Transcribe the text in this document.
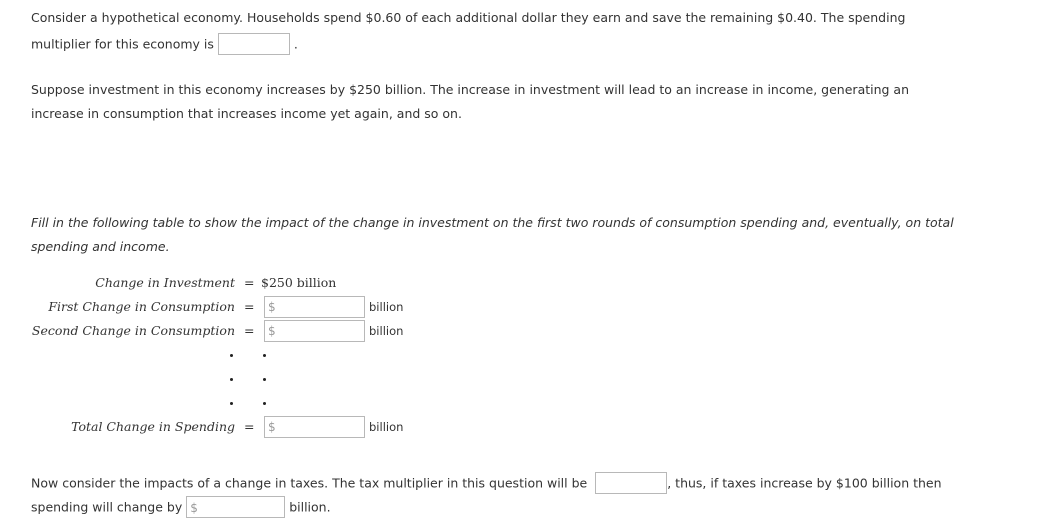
Consider a hypothetical economy. Households spend $0.60 of each additional dollar they earn and save the remaining $0.40. The spending
multiplier for this economy is	.
Suppose investment in this economy increases by $250 billion. The increase in investment will lead to an increase in income, generating an
increase in consumption that increases income yet again, and so on.
Fill in the following table to show the impact of the change in investment on the first two rounds of consumption spending and, eventually, on total
spending and income.
Change in Investment = $250 billion
First Change in Consumption = $	billion
Second Change in Consumption = $	billion
Total Change in Spending = $	billion
Now consider the impacts of a change in taxes. The tax multiplier in this question will be	, thus, if taxes increase by $100 billion then
spending will change by $	billion.
